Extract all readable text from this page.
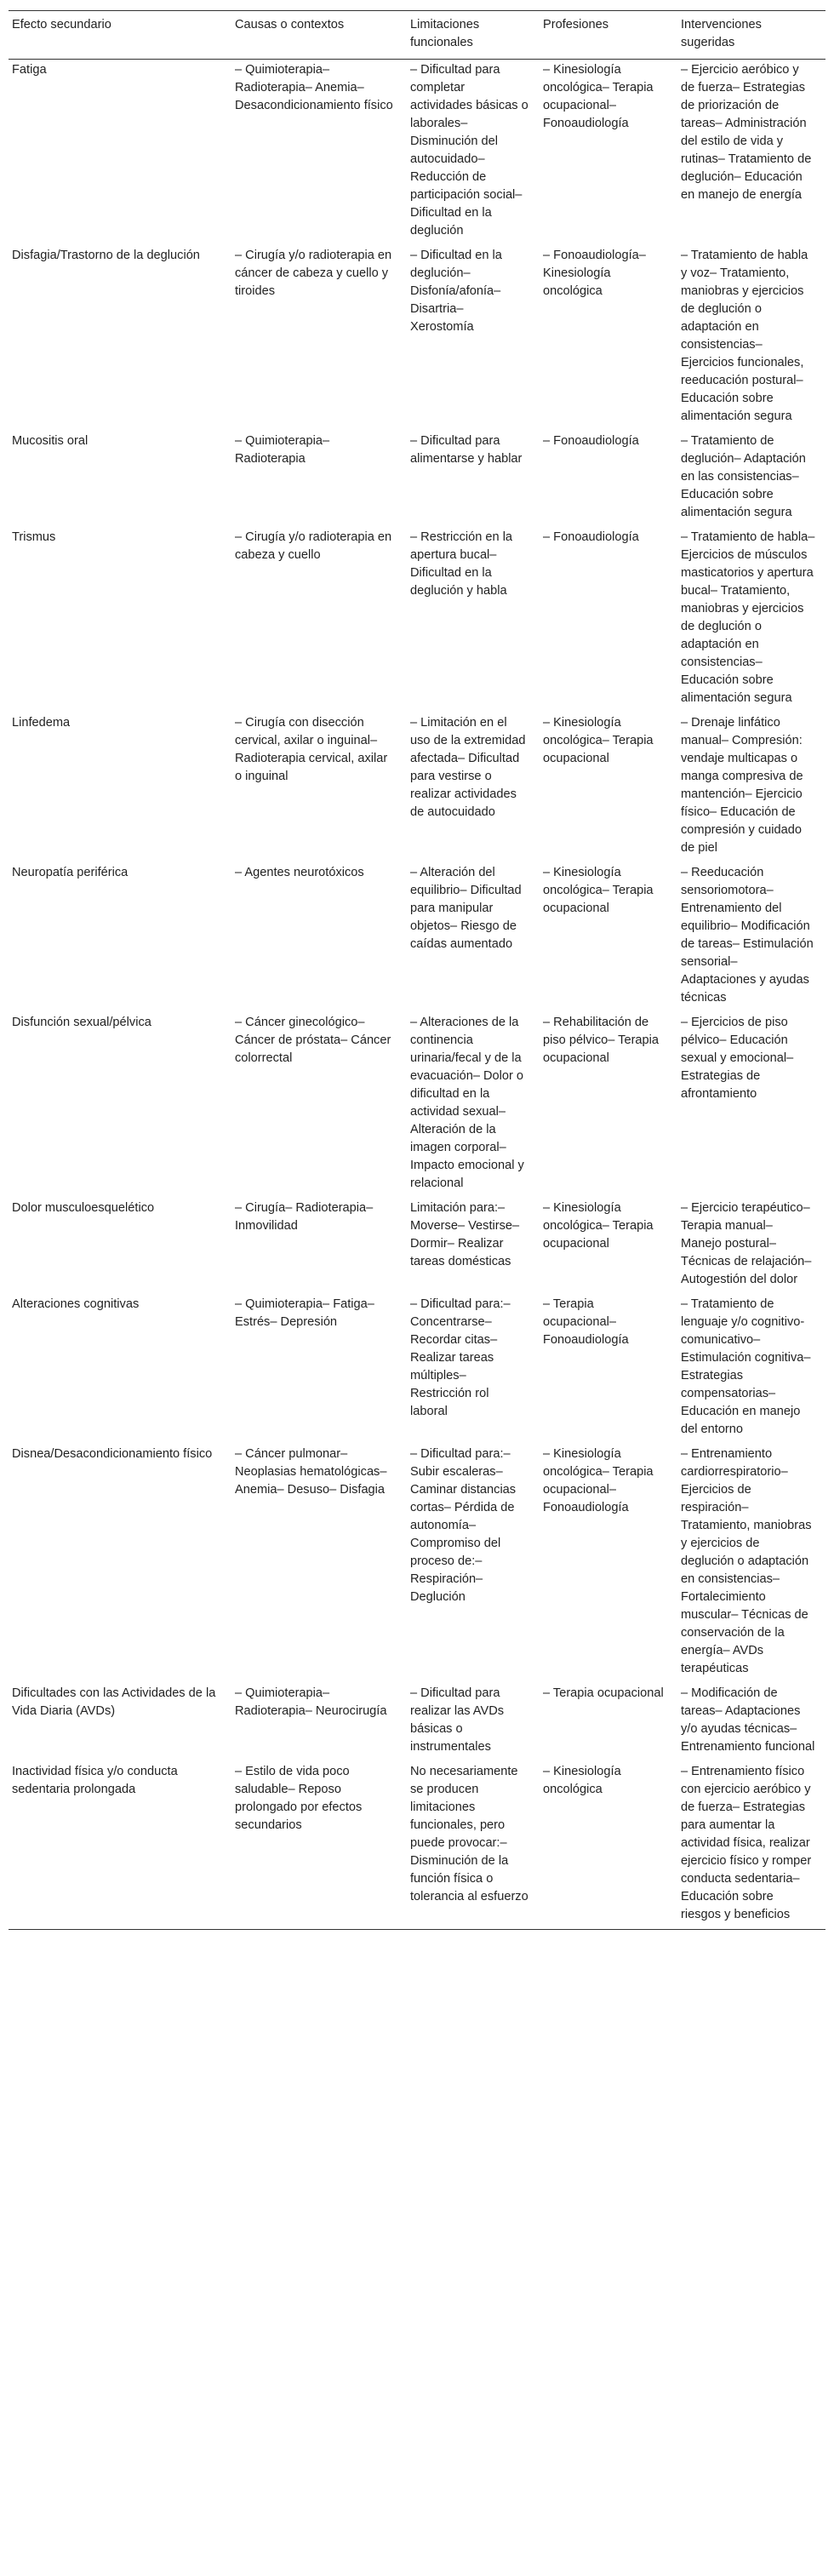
Efecto secundario	Causas o contextos	Limitaciones funcionales	Profesiones	Intervenciones sugeridas
Fatiga	– Quimioterapia– Radioterapia– Anemia– Desacondicionamiento físico	– Dificultad para completar actividades básicas o laborales– Disminución del autocuidado– Reducción de participación social– Dificultad en la deglución	– Kinesiología oncológica– Terapia ocupacional– Fonoaudiología	– Ejercicio aeróbico y de fuerza– Estrategias de priorización de tareas– Administración del estilo de vida y rutinas– Tratamiento de deglución– Educación en manejo de energía
Disfagia/Trastorno de la deglución	– Cirugía y/o radioterapia en cáncer de cabeza y cuello y tiroides	– Dificultad en la deglución– Disfonía/afonía– Disartria– Xerostomía	– Fonoaudiología– Kinesiología oncológica	– Tratamiento de habla y voz– Tratamiento, maniobras y ejercicios de deglución o adaptación en consistencias– Ejercicios funcionales, reeducación postural– Educación sobre alimentación segura
Mucositis oral	– Quimioterapia– Radioterapia	– Dificultad para alimentarse y hablar	– Fonoaudiología	– Tratamiento de deglución– Adaptación en las consistencias– Educación sobre alimentación segura
Trismus	– Cirugía y/o radioterapia en cabeza y cuello	– Restricción en la apertura bucal– Dificultad en la deglución y habla	– Fonoaudiología	– Tratamiento de habla– Ejercicios de músculos masticatorios y apertura bucal– Tratamiento, maniobras y ejercicios de deglución o adaptación en consistencias– Educación sobre alimentación segura
Linfedema	– Cirugía con disección cervical, axilar o inguinal– Radioterapia cervical, axilar o inguinal	– Limitación en el uso de la extremidad afectada– Dificultad para vestirse o realizar actividades de autocuidado	– Kinesiología oncológica– Terapia ocupacional	– Drenaje linfático manual– Compresión: vendaje multicapas o manga compresiva de mantención– Ejercicio físico– Educación de compresión y cuidado de piel
Neuropatía periférica	– Agentes neurotóxicos	– Alteración del equilibrio– Dificultad para manipular objetos– Riesgo de caídas aumentado	– Kinesiología oncológica– Terapia ocupacional	– Reeducación sensoriomotora– Entrenamiento del equilibrio– Modificación de tareas– Estimulación sensorial– Adaptaciones y ayudas técnicas
Disfunción sexual/pélvica	– Cáncer ginecológico– Cáncer de próstata– Cáncer colorrectal	– Alteraciones de la continencia urinaria/fecal y de la evacuación– Dolor o dificultad en la actividad sexual– Alteración de la imagen corporal– Impacto emocional y relacional	– Rehabilitación de piso pélvico– Terapia ocupacional	– Ejercicios de piso pélvico– Educación sexual y emocional– Estrategias de afrontamiento
Dolor musculoesquelético	– Cirugía– Radioterapia– Inmovilidad	Limitación para:– Moverse– Vestirse– Dormir– Realizar tareas domésticas	– Kinesiología oncológica– Terapia ocupacional	– Ejercicio terapéutico– Terapia manual– Manejo postural– Técnicas de relajación– Autogestión del dolor
Alteraciones cognitivas	– Quimioterapia– Fatiga– Estrés– Depresión	– Dificultad para:– Concentrarse– Recordar citas– Realizar tareas múltiples– Restricción rol laboral	– Terapia ocupacional– Fonoaudiología	– Tratamiento de lenguaje y/o cognitivo-comunicativo– Estimulación cognitiva– Estrategias compensatorias– Educación en manejo del entorno
Disnea/Desacondicionamiento físico	– Cáncer pulmonar– Neoplasias hematológicas– Anemia– Desuso– Disfagia	– Dificultad para:– Subir escaleras– Caminar distancias cortas– Pérdida de autonomía– Compromiso del proceso de:– Respiración– Deglución	– Kinesiología oncológica– Terapia ocupacional– Fonoaudiología	– Entrenamiento cardiorrespiratorio– Ejercicios de respiración– Tratamiento, maniobras y ejercicios de deglución o adaptación en consistencias– Fortalecimiento muscular– Técnicas de conservación de la energía– AVDs terapéuticas
Dificultades con las Actividades de la Vida Diaria (AVDs)	– Quimioterapia– Radioterapia– Neurocirugía	– Dificultad para realizar las AVDs básicas o instrumentales	– Terapia ocupacional	– Modificación de tareas– Adaptaciones y/o ayudas técnicas– Entrenamiento funcional
Inactividad física y/o conducta sedentaria prolongada	– Estilo de vida poco saludable– Reposo prolongado por efectos secundarios	No necesariamente se producen limitaciones funcionales, pero puede provocar:– Disminución de la función física o tolerancia al esfuerzo	– Kinesiología oncológica	– Entrenamiento físico con ejercicio aeróbico y de fuerza– Estrategias para aumentar la actividad física, realizar ejercicio físico y romper conducta sedentaria– Educación sobre riesgos y beneficios
